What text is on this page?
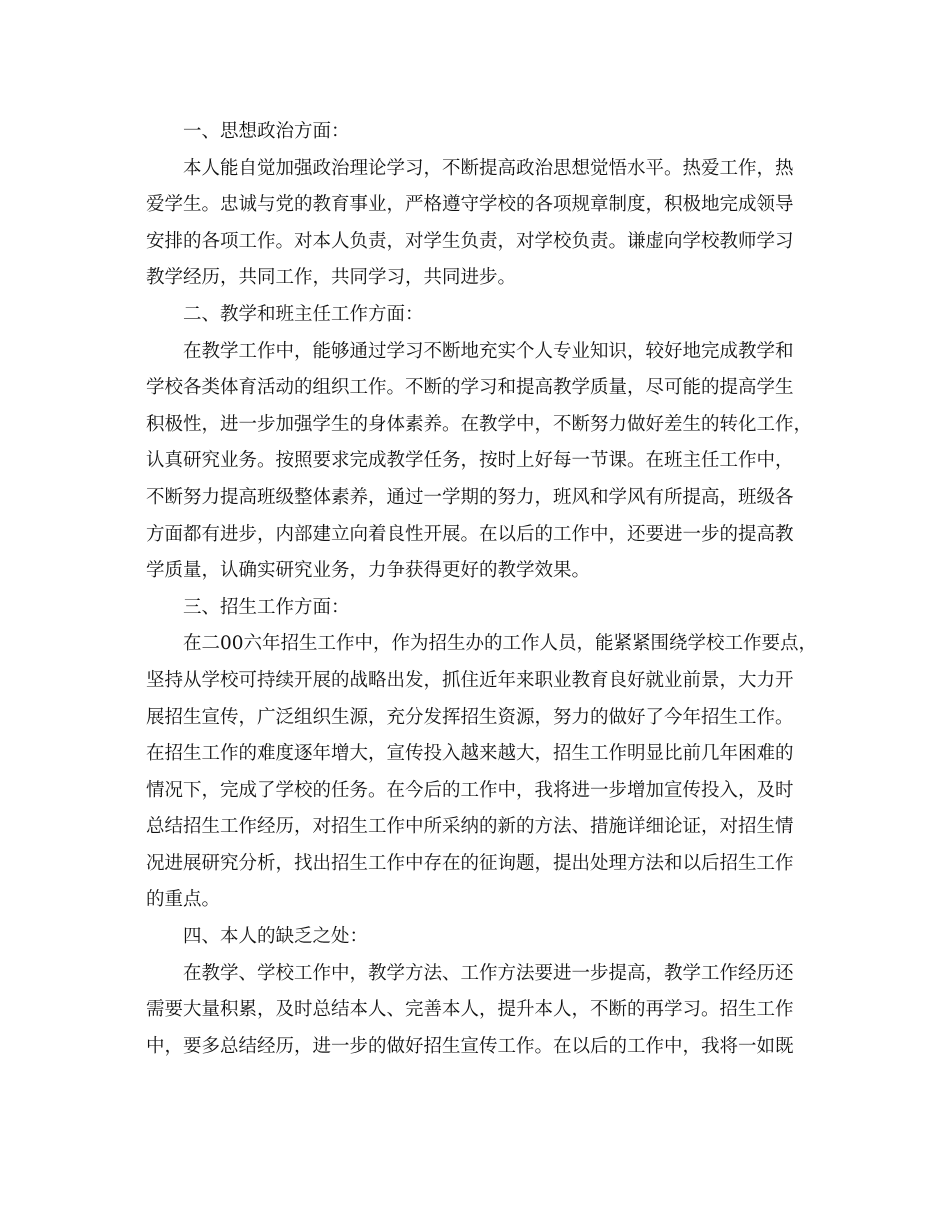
一、思想政治方面：
本人能自觉加强政治理论学习，不断提高政治思想觉悟水平。热爱工作，热
爱学生。忠诚与党的教育事业，严格遵守学校的各项规章制度，积极地完成领导
安排的各项工作。对本人负责，对学生负责，对学校负责。谦虚向学校教师学习
教学经历，共同工作，共同学习，共同进步。
二、教学和班主任工作方面：
在教学工作中，能够通过学习不断地充实个人专业知识，较好地完成教学和
学校各类体育活动的组织工作。不断的学习和提高教学质量，尽可能的提高学生
积极性，进一步加强学生的身体素养。在教学中，不断努力做好差生的转化工作，
认真研究业务。按照要求完成教学任务，按时上好每一节课。在班主任工作中，
不断努力提高班级整体素养，通过一学期的努力，班风和学风有所提高，班级各
方面都有进步，内部建立向着良性开展。在以后的工作中，还要进一步的提高教
学质量，认确实研究业务，力争获得更好的教学效果。
三、招生工作方面：
在二00六年招生工作中，作为招生办的工作人员，能紧紧围绕学校工作要点，
坚持从学校可持续开展的战略出发，抓住近年来职业教育良好就业前景，大力开
展招生宣传，广泛组织生源，充分发挥招生资源，努力的做好了今年招生工作。
在招生工作的难度逐年增大，宣传投入越来越大，招生工作明显比前几年困难的
情况下，完成了学校的任务。在今后的工作中，我将进一步增加宣传投入，及时
总结招生工作经历，对招生工作中所采纳的新的方法、措施详细论证，对招生情
况进展研究分析，找出招生工作中存在的征询题，提出处理方法和以后招生工作
的重点。
四、本人的缺乏之处：
在教学、学校工作中，教学方法、工作方法要进一步提高，教学工作经历还
需要大量积累，及时总结本人、完善本人，提升本人，不断的再学习。招生工作
中，要多总结经历，进一步的做好招生宣传工作。在以后的工作中，我将一如既
